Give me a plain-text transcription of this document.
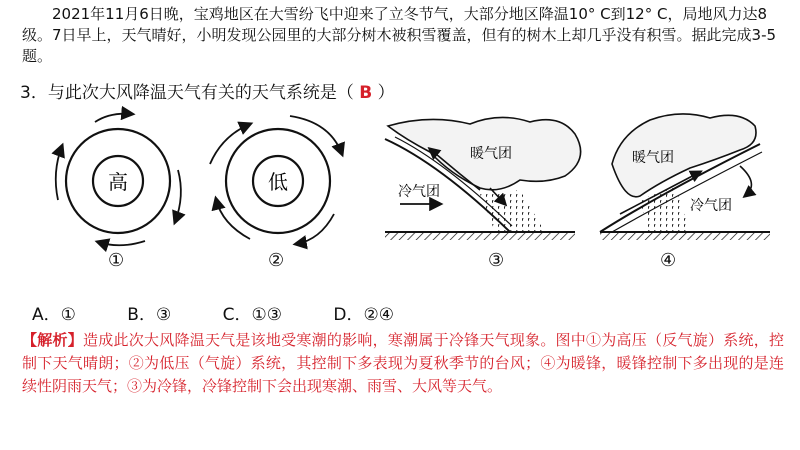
2021年11月6日晚，宝鸡地区在大雪纷飞中迎来了立冬节气，大部分地区降温10° C到12° C，局地风力达8级。7日早上，天气晴好，小明发现公园里的大部分树木被积雪覆盖，但有的树木上却几乎没有积雪。据此完成3-5题。

3．与此次大风降温天气有关的天气系统是（ B ）
高	低
暖气团
冷气团
暖气团
冷气团
①	②	③	④
A．①	B．③	C．①③	D．②④
【解析】造成此次大风降温天气是该地受寒潮的影响，寒潮属于冷锋天气现象。图中①为高压（反气旋）系统，控制下天气晴朗；②为低压（气旋）系统，其控制下多表现为夏秋季节的台风；④为暖锋，暖锋控制下多出现的是连续性阴雨天气；③为冷锋，冷锋控制下会出现寒潮、雨雪、大风等天气。
